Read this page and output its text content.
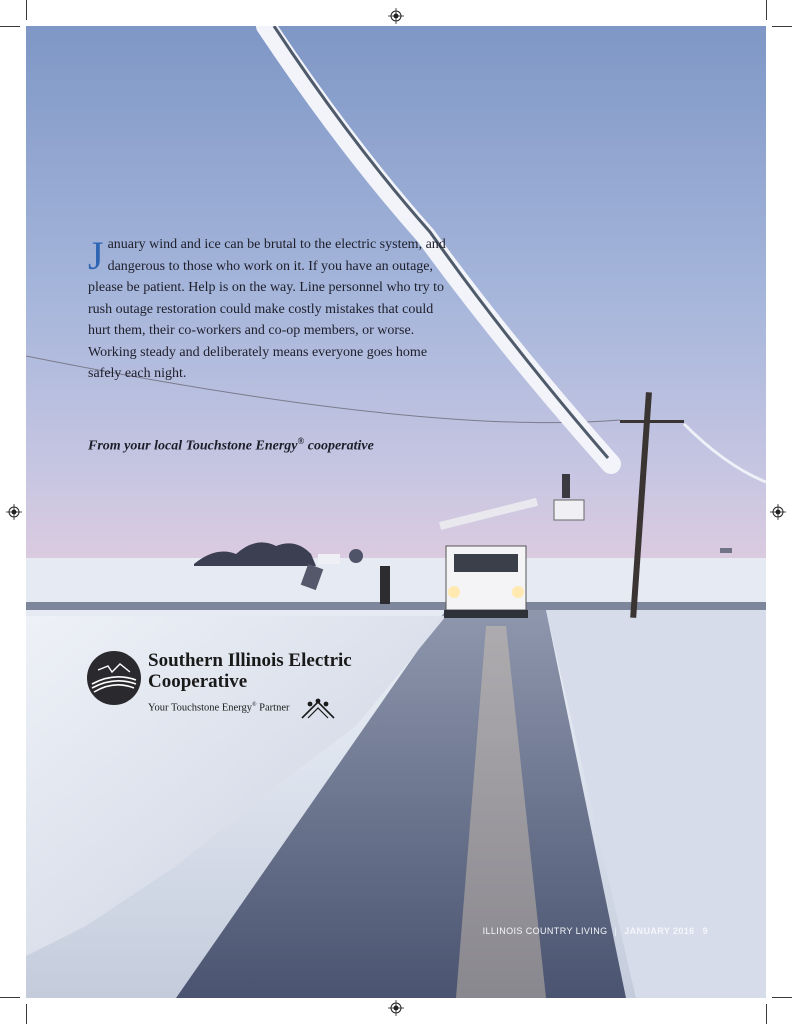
January wind and ice can be brutal to the electric system, and dangerous to those who work on it. If you have an outage, please be patient. Help is on the way. Line personnel who try to rush outage restoration could make costly mistakes that could hurt them, their co-workers and co-op members, or worse. Working steady and deliberately means everyone goes home safely each night.
From your local Touchstone Energy® cooperative
Southern Illinois Electric Cooperative
Your Touchstone Energy® Partner
ILLINOIS COUNTRY LIVING | JANUARY 2016 9
